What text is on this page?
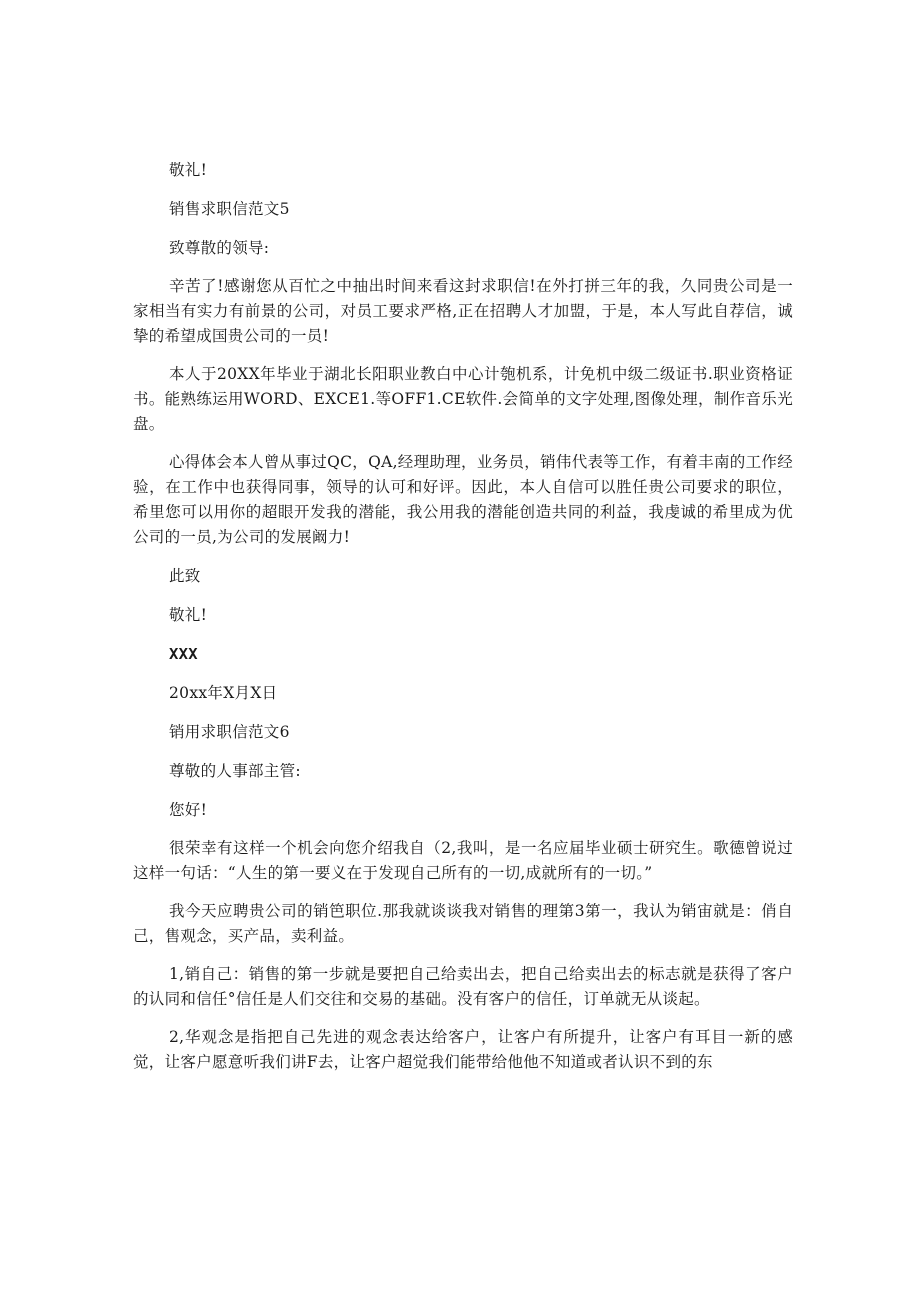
敬礼!

销售求职信范文5

致尊散的领导:

辛苦了!感谢您从百忙之中抽出时间来看这封求职信!在外打拼三年的我，久同贵公司是一家相当有实力有前景的公司，对员工要求严格,正在招聘人才加盟，于是，本人写此自荐信，诚挚的希望成国贵公司的一员!

本人于20XX年毕业于湖北长阳职业教白中心计匏机系，计免机中级二级证书.职业资格证书。能熟练运用WORD、EXCE1.等OFF1.CE软件.会简单的文字处理,图像处理，制作音乐光盘。

心得体会本人曾从事过QC，QA,经理助理，业务员，销伟代表等工作，有着丰南的工作经验，在工作中也获得同事，领导的认可和好评。因此，本人自信可以胜任贵公司要求的职位，希里您可以用你的超眼开发我的潜能，我公用我的潜能创造共同的利益，我虔诚的希里成为优公司的一员,为公司的发展阚力!

此致

敬礼!

XXX

20xx年X月X日

销用求职信范文6

尊敬的人事部主管:

您好!

很荣幸有这样一个机会向您介绍我自（2,我叫，是一名应届毕业硕士研究生。歌德曾说过这样一句话：“人生的第一要义在于发现自己所有的一切,成就所有的一切。”

我今天应聘贵公司的销笆职位.那我就谈谈我对销售的理第3第一，我认为销宙就是：俏自己，售观念，买产品，卖利益。

1,销自己：销售的第一步就是要把自己给卖出去，把自己给卖出去的标志就是获得了客户的认同和信任°信任是人们交往和交易的基础。没有客户的信任，订单就无从谈起。

2,华观念是指把自己先进的观念表达给客户，让客户有所提升，让客户有耳目一新的感觉，让客户愿意听我们讲F去，让客户超觉我们能带给他他不知道或者认识不到的东
